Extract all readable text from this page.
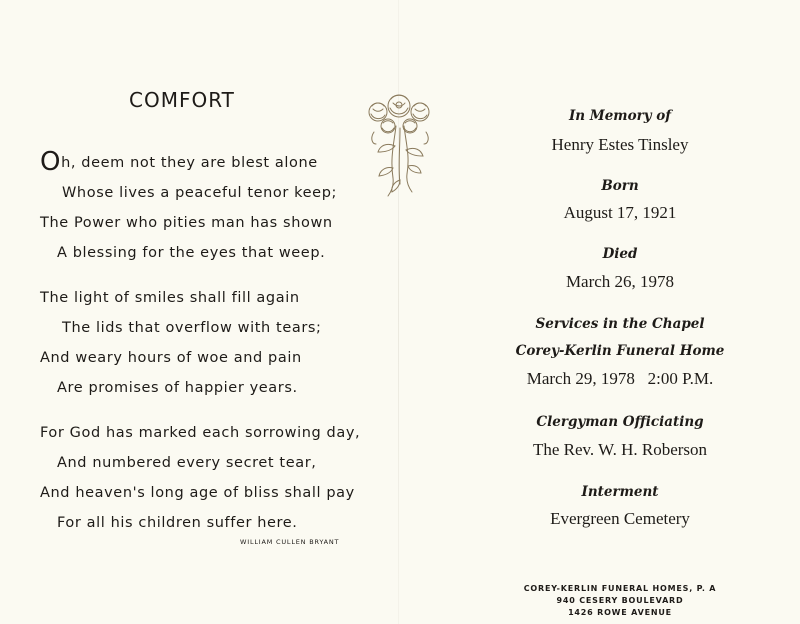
COMFORT
Oh, deem not they are blest alone
Whose lives a peaceful tenor keep;
The Power who pities man has shown
A blessing for the eyes that weep.
The light of smiles shall fill again
The lids that overflow with tears;
And weary hours of woe and pain
Are promises of happier years.
For God has marked each sorrowing day,
And numbered every secret tear,
And heaven's long age of bliss shall pay
For all his children suffer here.
WILLIAM CULLEN BRYANT
In Memory of
Henry Estes Tinsley
Born
August 17, 1921
Died
March 26, 1978
Services in the Chapel
Corey-Kerlin Funeral Home
March 29, 1978 2:00 P.M.
Clergyman Officiating
The Rev. W. H. Roberson
Interment
Evergreen Cemetery
COREY-KERLIN FUNERAL HOMES, P. A
940 CESERY BOULEVARD
1426 ROWE AVENUE
